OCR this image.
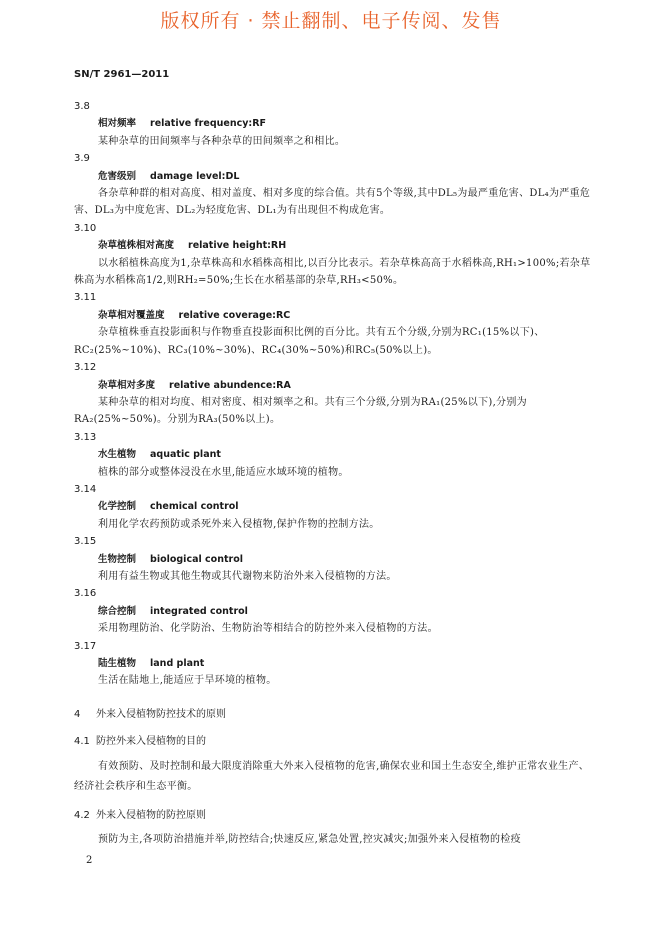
版权所有 · 禁止翻制、电子传阅、发售
SN/T 2961—2011

3.8

相对频率 relative frequency:RF

某种杂草的田间频率与各种杂草的田间频率之和相比。

3.9

危害级别 damage level:DL

各杂草种群的相对高度、相对盖度、相对多度的综合值。共有5个等级,其中DL₅为最严重危害、DL₄为严重危害、DL₃为中度危害、DL₂为轻度危害、DL₁为有出现但不构成危害。

3.10

杂草植株相对高度 relative height:RH

以水稻植株高度为1,杂草株高和水稻株高相比,以百分比表示。若杂草株高高于水稻株高,RH₁>100%;若杂草株高为水稻株高1/2,则RH₂=50%;生长在水稻基部的杂草,RH₃<50%。

3.11

杂草相对覆盖度 relative coverage:RC

杂草植株垂直投影面积与作物垂直投影面积比例的百分比。共有五个分级,分别为RC₁(15%以下)、RC₂(25%~10%)、RC₃(10%~30%)、RC₄(30%~50%)和RC₅(50%以上)。

3.12

杂草相对多度 relative abundence:RA

某种杂草的相对均度、相对密度、相对频率之和。共有三个分级,分别为RA₁(25%以下),分别为RA₂(25%~50%)。分别为RA₃(50%以上)。

3.13

水生植物 aquatic plant

植株的部分或整体浸没在水里,能适应水域环境的植物。

3.14

化学控制 chemical control

利用化学农药预防或杀死外来入侵植物,保护作物的控制方法。

3.15

生物控制 biological control

利用有益生物或其他生物或其代谢物来防治外来入侵植物的方法。

3.16

综合控制 integrated control

采用物理防治、化学防治、生物防治等相结合的防控外来入侵植物的方法。

3.17

陆生植物 land plant

生活在陆地上,能适应于旱环境的植物。

4 外来入侵植物防控技术的原则

4.1 防控外来入侵植物的目的

有效预防、及时控制和最大限度消除重大外来入侵植物的危害,确保农业和国土生态安全,维护正常农业生产、经济社会秩序和生态平衡。

4.2 外来入侵植物的防控原则

预防为主,各项防治措施并举,防控结合;快速反应,紧急处置,控灾减灾;加强外来入侵植物的检疫

2
